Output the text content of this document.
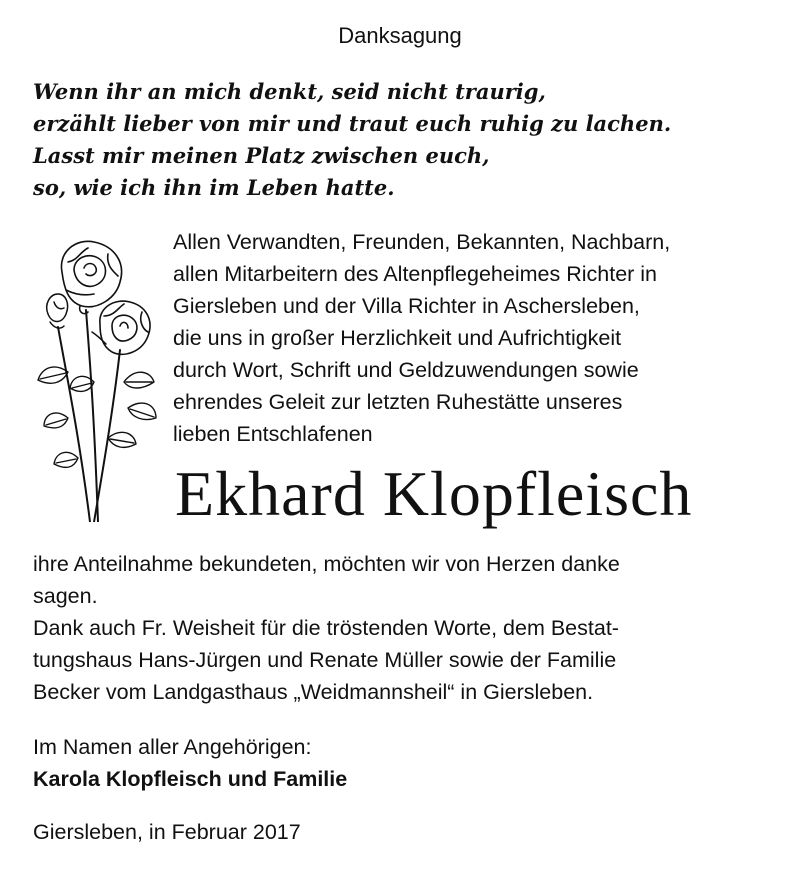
Danksagung
Wenn ihr an mich denkt, seid nicht traurig,
erzählt lieber von mir und traut euch ruhig zu lachen.
Lasst mir meinen Platz zwischen euch,
so, wie ich ihn im Leben hatte.
Allen Verwandten, Freunden, Bekannten, Nachbarn,
allen Mitarbeitern des Altenpflegeheimes Richter in
Giersleben und der Villa Richter in Aschersleben,
die uns in großer Herzlichkeit und Aufrichtigkeit
durch Wort, Schrift und Geldzuwendungen sowie
ehrendes Geleit zur letzten Ruhestätte unseres
lieben Entschlafenen
Ekhard Klopfleisch
ihre Anteilnahme bekundeten, möchten wir von Herzen danke
sagen.
Dank auch Fr. Weisheit für die tröstenden Worte, dem Bestat-
tungshaus Hans-Jürgen und Renate Müller sowie der Familie
Becker vom Landgasthaus „Weidmannsheil“ in Giersleben.
Im Namen aller Angehörigen:
Karola Klopfleisch und Familie
Giersleben, in Februar 2017
